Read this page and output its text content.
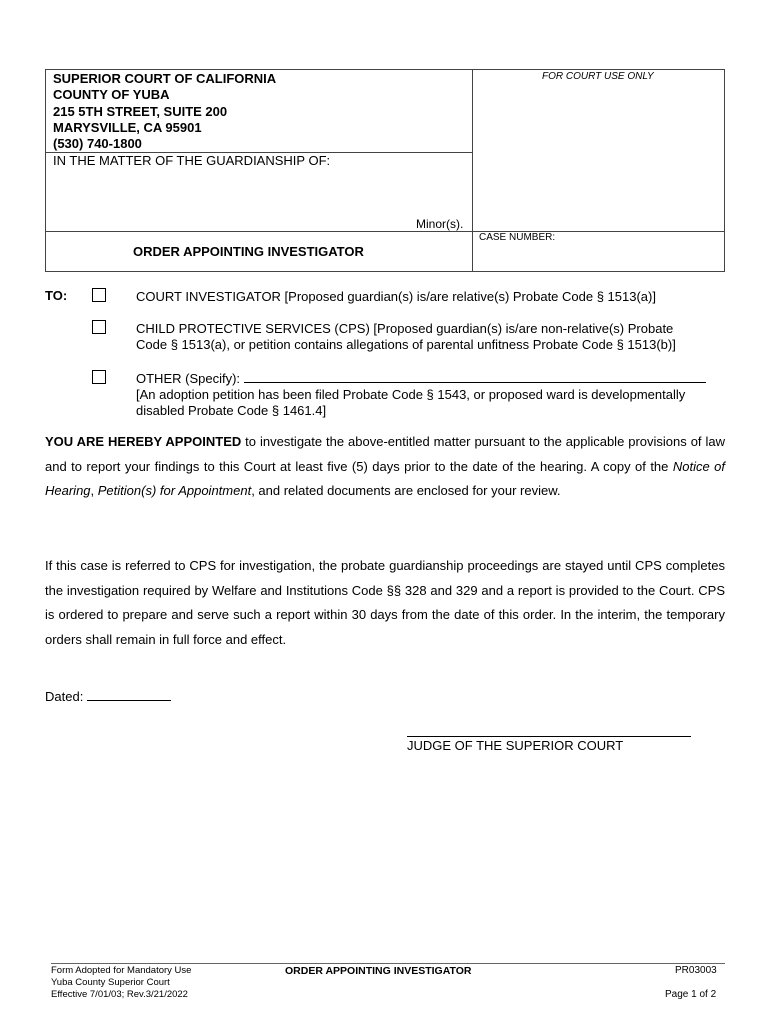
SUPERIOR COURT OF CALIFORNIA
COUNTY OF YUBA
215 5TH STREET, SUITE 200
MARYSVILLE, CA 95901
(530) 740-1800
IN THE MATTER OF THE GUARDIANSHIP OF:
Minor(s).
FOR COURT USE ONLY
CASE NUMBER:
ORDER APPOINTING INVESTIGATOR
TO:	COURT INVESTIGATOR [Proposed guardian(s) is/are relative(s) Probate Code § 1513(a)]
CHILD PROTECTIVE SERVICES (CPS) [Proposed guardian(s) is/are non-relative(s) Probate
Code § 1513(a), or petition contains allegations of parental unfitness Probate Code § 1513(b)]
OTHER (Specify):
[An adoption petition has been filed Probate Code § 1543, or proposed ward is developmentally
disabled Probate Code § 1461.4]
YOU ARE HEREBY APPOINTED to investigate the above-entitled matter pursuant to the applicable provisions of law and to report your findings to this Court at least five (5) days prior to the date of the hearing. A copy of the Notice of Hearing, Petition(s) for Appointment, and related documents are enclosed for your review.
If this case is referred to CPS for investigation, the probate guardianship proceedings are stayed until CPS completes the investigation required by Welfare and Institutions Code §§ 328 and 329 and a report is provided to the Court. CPS is ordered to prepare and serve such a report within 30 days from the date of this order. In the interim, the temporary orders shall remain in full force and effect.
Dated:
JUDGE OF THE SUPERIOR COURT
Form Adopted for Mandatory Use
Yuba County Superior Court
Effective 7/01/03; Rev.3/21/2022
ORDER APPOINTING INVESTIGATOR	PR03003
Page 1 of 2
